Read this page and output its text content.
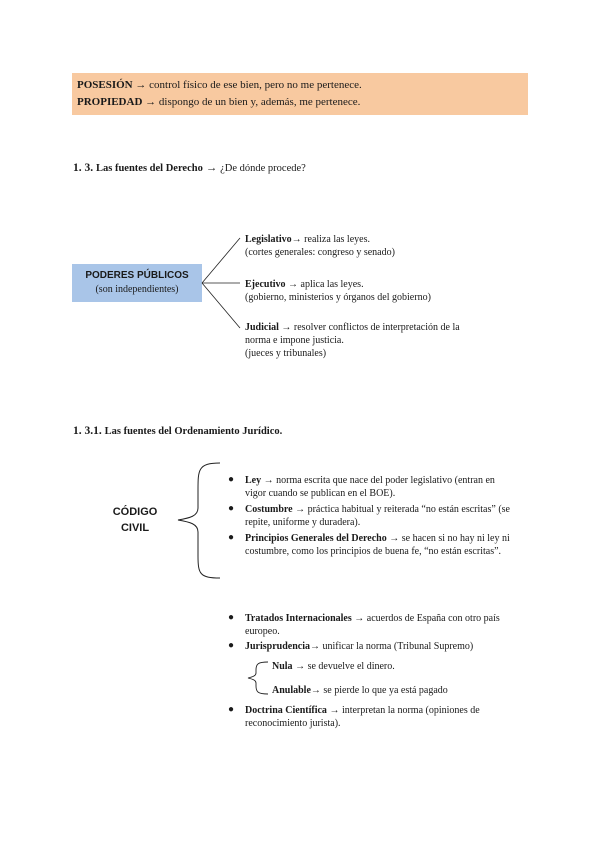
POSESIÓN → control físico de ese bien, pero no me pertenece.
PROPIEDAD → dispongo de un bien y, además, me pertenece.
1. 3. Las fuentes del Derecho → ¿De dónde procede?
PODERES PÚBLICOS
(son independientes)
Legislativo→ realiza las leyes.
(cortes generales: congreso y senado)
Ejecutivo → aplica las leyes.
(gobierno, ministerios y órganos del gobierno)
Judicial → resolver conflictos de interpretación de la
norma e impone justicia.
(jueces y tribunales)
1. 3.1. Las fuentes del Ordenamiento Jurídico.
CÓDIGO
CIVIL
● Ley → norma escrita que nace del poder legislativo (entran en
vigor cuando se publican en el BOE).
● Costumbre → práctica habitual y reiterada “no están escritas” (se
repite, uniforme y duradera).
● Principios Generales del Derecho → se hacen si no hay ni ley ni
costumbre, como los principios de buena fe, “no están escritas”.
● Tratados Internacionales → acuerdos de España con otro país
europeo.
● Jurisprudencia→ unificar la norma (Tribunal Supremo)
Nula → se devuelve el dinero.
Anulable→ se pierde lo que ya está pagado
● Doctrina Científica → interpretan la norma (opiniones de
reconocimiento jurista).
